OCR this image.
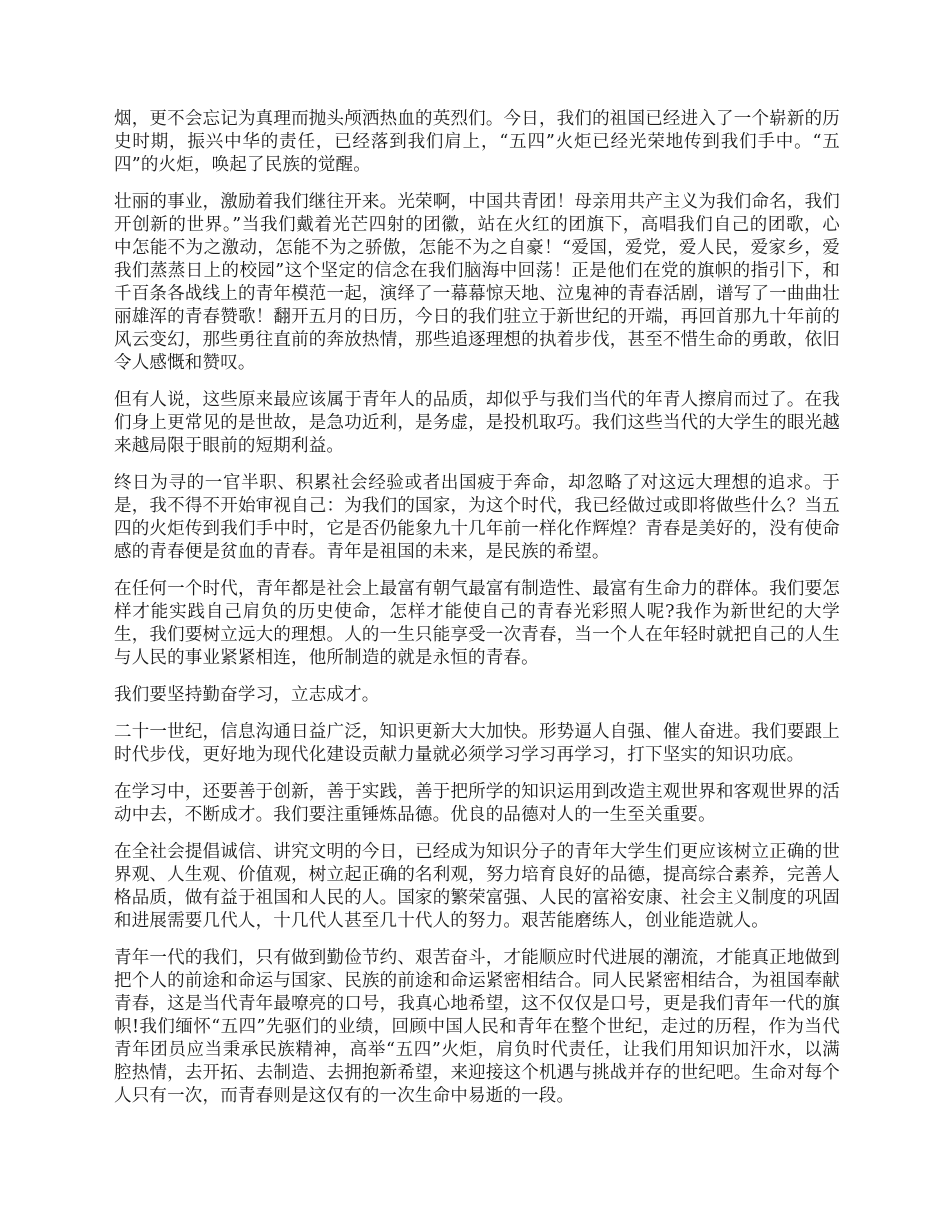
烟，更不会忘记为真理而抛头颅洒热血的英烈们。今日，我们的祖国已经进入了一个崭新的历史时期，振兴中华的责任，已经落到我们肩上，“五四”火炬已经光荣地传到我们手中。“五四”的火炬，唤起了民族的觉醒。

壮丽的事业，激励着我们继往开来。光荣啊，中国共青团！母亲用共产主义为我们命名，我们开创新的世界。”当我们戴着光芒四射的团徽，站在火红的团旗下，高唱我们自己的团歌，心中怎能不为之激动，怎能不为之骄傲，怎能不为之自豪！“爱国，爱党，爱人民，爱家乡，爱我们蒸蒸日上的校园”这个坚定的信念在我们脑海中回荡！正是他们在党的旗帜的指引下，和千百条各战线上的青年模范一起，演绎了一幕幕惊天地、泣鬼神的青春活剧，谱写了一曲曲壮丽雄浑的青春赞歌！翻开五月的日历，今日的我们驻立于新世纪的开端，再回首那九十年前的风云变幻，那些勇往直前的奔放热情，那些追逐理想的执着步伐，甚至不惜生命的勇敢，依旧令人感慨和赞叹。

但有人说，这些原来最应该属于青年人的品质，却似乎与我们当代的年青人擦肩而过了。在我们身上更常见的是世故，是急功近利，是务虚，是投机取巧。我们这些当代的大学生的眼光越来越局限于眼前的短期利益。

终日为寻的一官半职、积累社会经验或者出国疲于奔命，却忽略了对这远大理想的追求。于是，我不得不开始审视自己：为我们的国家，为这个时代，我已经做过或即将做些什么？当五四的火炬传到我们手中时，它是否仍能象九十几年前一样化作辉煌？青春是美好的，没有使命感的青春便是贫血的青春。青年是祖国的未来，是民族的希望。

在任何一个时代，青年都是社会上最富有朝气最富有制造性、最富有生命力的群体。我们要怎样才能实践自己肩负的历史使命，怎样才能使自己的青春光彩照人呢?我作为新世纪的大学生，我们要树立远大的理想。人的一生只能享受一次青春，当一个人在年轻时就把自己的人生与人民的事业紧紧相连，他所制造的就是永恒的青春。

我们要坚持勤奋学习，立志成才。

二十一世纪，信息沟通日益广泛，知识更新大大加快。形势逼人自强、催人奋进。我们要跟上时代步伐，更好地为现代化建设贡献力量就必须学习学习再学习，打下坚实的知识功底。

在学习中，还要善于创新，善于实践，善于把所学的知识运用到改造主观世界和客观世界的活动中去，不断成才。我们要注重锤炼品德。优良的品德对人的一生至关重要。

在全社会提倡诚信、讲究文明的今日，已经成为知识分子的青年大学生们更应该树立正确的世界观、人生观、价值观，树立起正确的名利观，努力培育良好的品德，提高综合素养，完善人格品质，做有益于祖国和人民的人。国家的繁荣富强、人民的富裕安康、社会主义制度的巩固和进展需要几代人，十几代人甚至几十代人的努力。艰苦能磨练人，创业能造就人。

青年一代的我们，只有做到勤俭节约、艰苦奋斗，才能顺应时代进展的潮流，才能真正地做到把个人的前途和命运与国家、民族的前途和命运紧密相结合。同人民紧密相结合，为祖国奉献青春，这是当代青年最嘹亮的口号，我真心地希望，这不仅仅是口号，更是我们青年一代的旗帜!我们缅怀“五四”先驱们的业绩，回顾中国人民和青年在整个世纪，走过的历程，作为当代青年团员应当秉承民族精神，高举“五四”火炬，肩负时代责任，让我们用知识加汗水，以满腔热情，去开拓、去制造、去拥抱新希望，来迎接这个机遇与挑战并存的世纪吧。生命对每个人只有一次，而青春则是这仅有的一次生命中易逝的一段。
